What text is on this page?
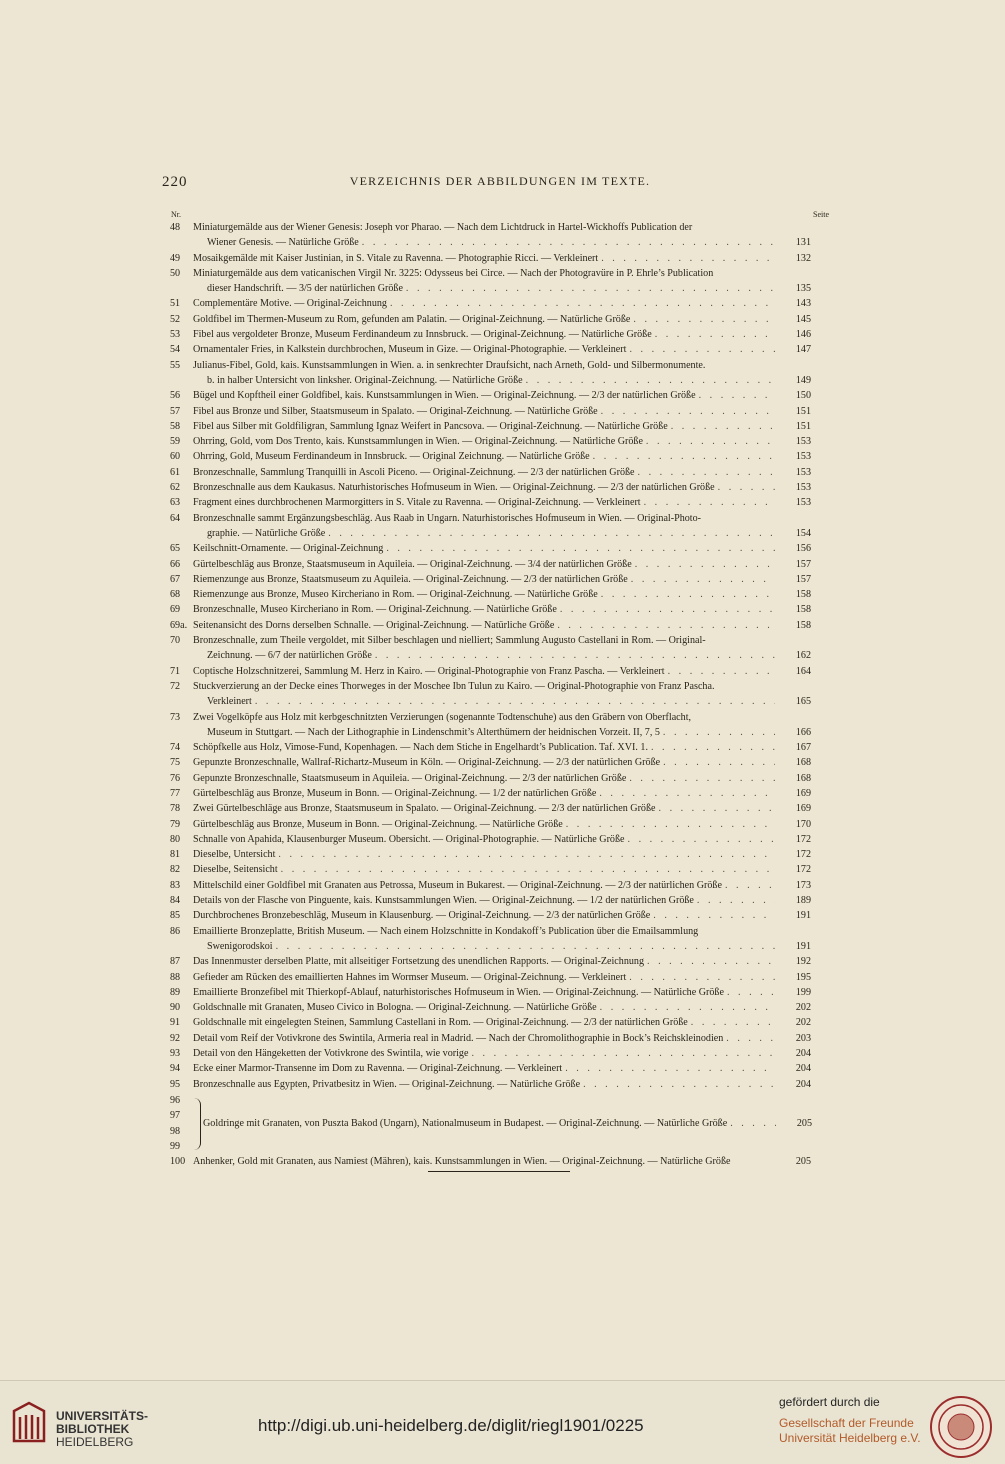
220	VERZEICHNIS DER ABBILDUNGEN IM TEXTE.
Nr.	Seite
48	Miniaturgemälde aus der Wiener Genesis: Joseph vor Pharao. — Nach dem Lichtdruck in Hartel-Wickhoffs Publication der
Wiener Genesis. — Natürliche Größe . . .	131
49	Mosaikgemälde mit Kaiser Justinian, in S. Vitale zu Ravenna. — Photographie Ricci. — Verkleinert . . .	132
50	Miniaturgemälde aus dem vaticanischen Virgil Nr. 3225: Odysseus bei Circe. — Nach der Photogravüre in P. Ehrle’s Publication
dieser Handschrift. — 3/5 der natürlichen Größe . . .	135
51	Complementäre Motive. — Original-Zeichnung . . .	143
52	Goldfibel im Thermen-Museum zu Rom, gefunden am Palatin. — Original-Zeichnung. — Natürliche Größe . . .	145
53	Fibel aus vergoldeter Bronze, Museum Ferdinandeum zu Innsbruck. — Original-Zeichnung. — Natürliche Größe . . .	146
54	Ornamentaler Fries, in Kalkstein durchbrochen, Museum in Gize. — Original-Photographie. — Verkleinert . . .	147
55	Julianus-Fibel, Gold, kais. Kunstsammlungen in Wien. a. in senkrechter Draufsicht, nach Arneth, Gold- und Silbermonumente.
b. in halber Untersicht von linksher. Original-Zeichnung. — Natürliche Größe . . .	149
56	Bügel und Kopftheil einer Goldfibel, kais. Kunstsammlungen in Wien. — Original-Zeichnung. — 2/3 der natürlichen Größe . . .	150
57	Fibel aus Bronze und Silber, Staatsmuseum in Spalato. — Original-Zeichnung. — Natürliche Größe . . .	151
58	Fibel aus Silber mit Goldfiligran, Sammlung Ignaz Weifert in Pancsova. — Original-Zeichnung. — Natürliche Größe . . .	151
59	Ohrring, Gold, vom Dos Trento, kais. Kunstsammlungen in Wien. — Original-Zeichnung. — Natürliche Größe . . .	153
60	Ohrring, Gold, Museum Ferdinandeum in Innsbruck. — Original Zeichnung. — Natürliche Größe . . .	153
61	Bronzeschnalle, Sammlung Tranquilli in Ascoli Piceno. — Original-Zeichnung. — 2/3 der natürlichen Größe . . .	153
62	Bronzeschnalle aus dem Kaukasus. Naturhistorisches Hofmuseum in Wien. — Original-Zeichnung. — 2/3 der natürlichen Größe . . .	153
63	Fragment eines durchbrochenen Marmorgitters in S. Vitale zu Ravenna. — Original-Zeichnung. — Verkleinert . . .	153
64	Bronzeschnalle sammt Ergänzungsbeschläg. Aus Raab in Ungarn. Naturhistorisches Hofmuseum in Wien. — Original-Photo-
graphie. — Natürliche Größe . . .	154
65	Keilschnitt-Ornamente. — Original-Zeichnung . . .	156
66	Gürtelbeschläg aus Bronze, Staatsmuseum in Aquileia. — Original-Zeichnung. — 3/4 der natürlichen Größe . . .	157
67	Riemenzunge aus Bronze, Staatsmuseum zu Aquileia. — Original-Zeichnung. — 2/3 der natürlichen Größe . . .	157
68	Riemenzunge aus Bronze, Museo Kircheriano in Rom. — Original-Zeichnung. — Natürliche Größe . . .	158
69	Bronzeschnalle, Museo Kircheriano in Rom. — Original-Zeichnung. — Natürliche Größe . . .	158
69a. Seitenansicht des Dorns derselben Schnalle. — Original-Zeichnung. — Natürliche Größe . . .	158
70	Bronzeschnalle, zum Theile vergoldet, mit Silber beschlagen und nielliert; Sammlung Augusto Castellani in Rom. — Original-
Zeichnung. — 6/7 der natürlichen Größe . . .	162
71	Coptische Holzschnitzerei, Sammlung M. Herz in Kairo. — Original-Photographie von Franz Pascha. — Verkleinert . . .	164
72	Stuckverzierung an der Decke eines Thorweges in der Moschee Ibn Tulun zu Kairo. — Original-Photographie von Franz Pascha.
Verkleinert . . .	165
73	Zwei Vogelköpfe aus Holz mit kerbgeschnitzten Verzierungen (sogenannte Todtenschuhe) aus den Gräbern von Oberflacht,
Museum in Stuttgart. — Nach der Lithographie in Lindenschmit’s Alterthümern der heidnischen Vorzeit. II, 7, 5 . . .	166
74	Schöpfkelle aus Holz, Vimose-Fund, Kopenhagen. — Nach dem Stiche in Engelhardt’s Publication. Taf. XVI. 1. . . .	167
75	Gepunzte Bronzeschnalle, Wallraf-Richartz-Museum in Köln. — Original-Zeichnung. — 2/3 der natürlichen Größe . . .	168
76	Gepunzte Bronzeschnalle, Staatsmuseum in Aquileia. — Original-Zeichnung. — 2/3 der natürlichen Größe . . .	168
77	Gürtelbeschläg aus Bronze, Museum in Bonn. — Original-Zeichnung. — 1/2 der natürlichen Größe . . .	169
78	Zwei Gürtelbeschläge aus Bronze, Staatsmuseum in Spalato. — Original-Zeichnung. — 2/3 der natürlichen Größe . . .	169
79	Gürtelbeschläg aus Bronze, Museum in Bonn. — Original-Zeichnung. — Natürliche Größe . . .	170
80	Schnalle von Apahida, Klausenburger Museum. Obersicht. — Original-Photographie. — Natürliche Größe . . .	172
81	Dieselbe, Untersicht . . .	172
82	Dieselbe, Seitensicht . . .	172
83	Mittelschild einer Goldfibel mit Granaten aus Petrossa, Museum in Bukarest. — Original-Zeichnung. — 2/3 der natürlichen Größe . . .	173
84	Details von der Flasche von Pinguente, kais. Kunstsammlungen Wien. — Original-Zeichnung. — 1/2 der natürlichen Größe . . .	189
85	Durchbrochenes Bronzebeschläg, Museum in Klausenburg. — Original-Zeichnung. — 2/3 der natürlichen Größe . . .	191
86	Emaillierte Bronzeplatte, British Museum. — Nach einem Holzschnitte in Kondakoff’s Publication über die Emailsammlung
Swenigorodskoi . . .	191
87	Das Innenmuster derselben Platte, mit allseitiger Fortsetzung des unendlichen Rapports. — Original-Zeichnung . . .	192
88	Gefieder am Rücken des emaillierten Hahnes im Wormser Museum. — Original-Zeichnung. — Verkleinert . . .	195
89	Emaillierte Bronzefibel mit Thierkopf-Ablauf, naturhistorisches Hofmuseum in Wien. — Original-Zeichnung. — Natürliche Größe . . .	199
90	Goldschnalle mit Granaten, Museo Civico in Bologna. — Original-Zeichnung. — Natürliche Größe . . .	202
91	Goldschnalle mit eingelegten Steinen, Sammlung Castellani in Rom. — Original-Zeichnung. — 2/3 der natürlichen Größe . . .	202
92	Detail vom Reif der Votivkrone des Swintila, Armeria real in Madrid. — Nach der Chromolithographie in Bock’s Reichskleinodien . . .	203
93	Detail von den Hängeketten der Votivkrone des Swintila, wie vorige . . .	204
94	Ecke einer Marmor-Transenne im Dom zu Ravenna. — Original-Zeichnung. — Verkleinert . . .	204
95	Bronzeschnalle aus Egypten, Privatbesitz in Wien. — Original-Zeichnung. — Natürliche Größe . . .	204
96
97
98
99
Goldringe mit Granaten, von Puszta Bakod (Ungarn), Nationalmuseum in Budapest. — Original-Zeichnung. — Natürliche Größe . . .	205
100 Anhenker, Gold mit Granaten, aus Namiest (Mähren), kais. Kunstsammlungen in Wien. — Original-Zeichnung. — Natürliche Größe	205
UNIVERSITÄTS-
BIBLIOTHEK
HEIDELBERG
http://digi.ub.uni-heidelberg.de/diglit/riegl1901/0225
gefördert durch die
Gesellschaft der Freunde
Universität Heidelberg e.V.
